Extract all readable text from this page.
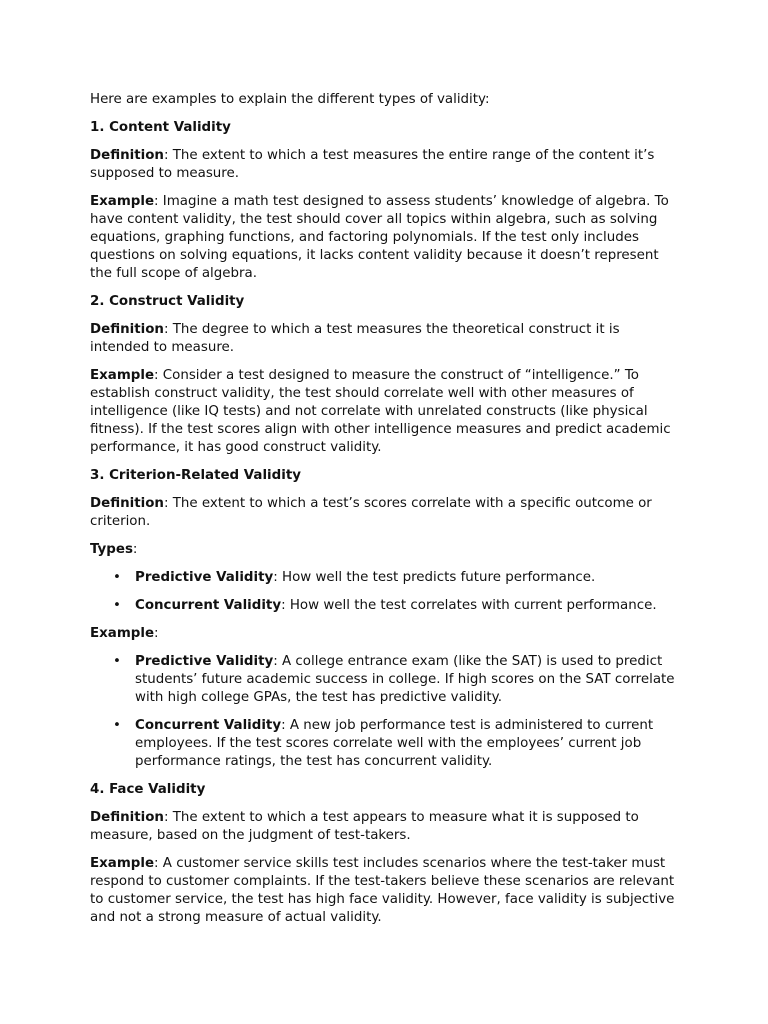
Here are examples to explain the different types of validity:

1. Content Validity

Definition: The extent to which a test measures the entire range of the content it’s supposed to measure.

Example: Imagine a math test designed to assess students’ knowledge of algebra. To have content validity, the test should cover all topics within algebra, such as solving equations, graphing functions, and factoring polynomials. If the test only includes questions on solving equations, it lacks content validity because it doesn’t represent the full scope of algebra.

2. Construct Validity

Definition: The degree to which a test measures the theoretical construct it is intended to measure.

Example: Consider a test designed to measure the construct of “intelligence.” To establish construct validity, the test should correlate well with other measures of intelligence (like IQ tests) and not correlate with unrelated constructs (like physical fitness). If the test scores align with other intelligence measures and predict academic performance, it has good construct validity.

3. Criterion-Related Validity

Definition: The extent to which a test’s scores correlate with a specific outcome or criterion.

Types:

• Predictive Validity: How well the test predicts future performance.
• Concurrent Validity: How well the test correlates with current performance.

Example:

• Predictive Validity: A college entrance exam (like the SAT) is used to predict students’ future academic success in college. If high scores on the SAT correlate with high college GPAs, the test has predictive validity.
• Concurrent Validity: A new job performance test is administered to current employees. If the test scores correlate well with the employees’ current job performance ratings, the test has concurrent validity.
4. Face Validity

Definition: The extent to which a test appears to measure what it is supposed to measure, based on the judgment of test-takers.

Example: A customer service skills test includes scenarios where the test-taker must respond to customer complaints. If the test-takers believe these scenarios are relevant to customer service, the test has high face validity. However, face validity is subjective and not a strong measure of actual validity.
